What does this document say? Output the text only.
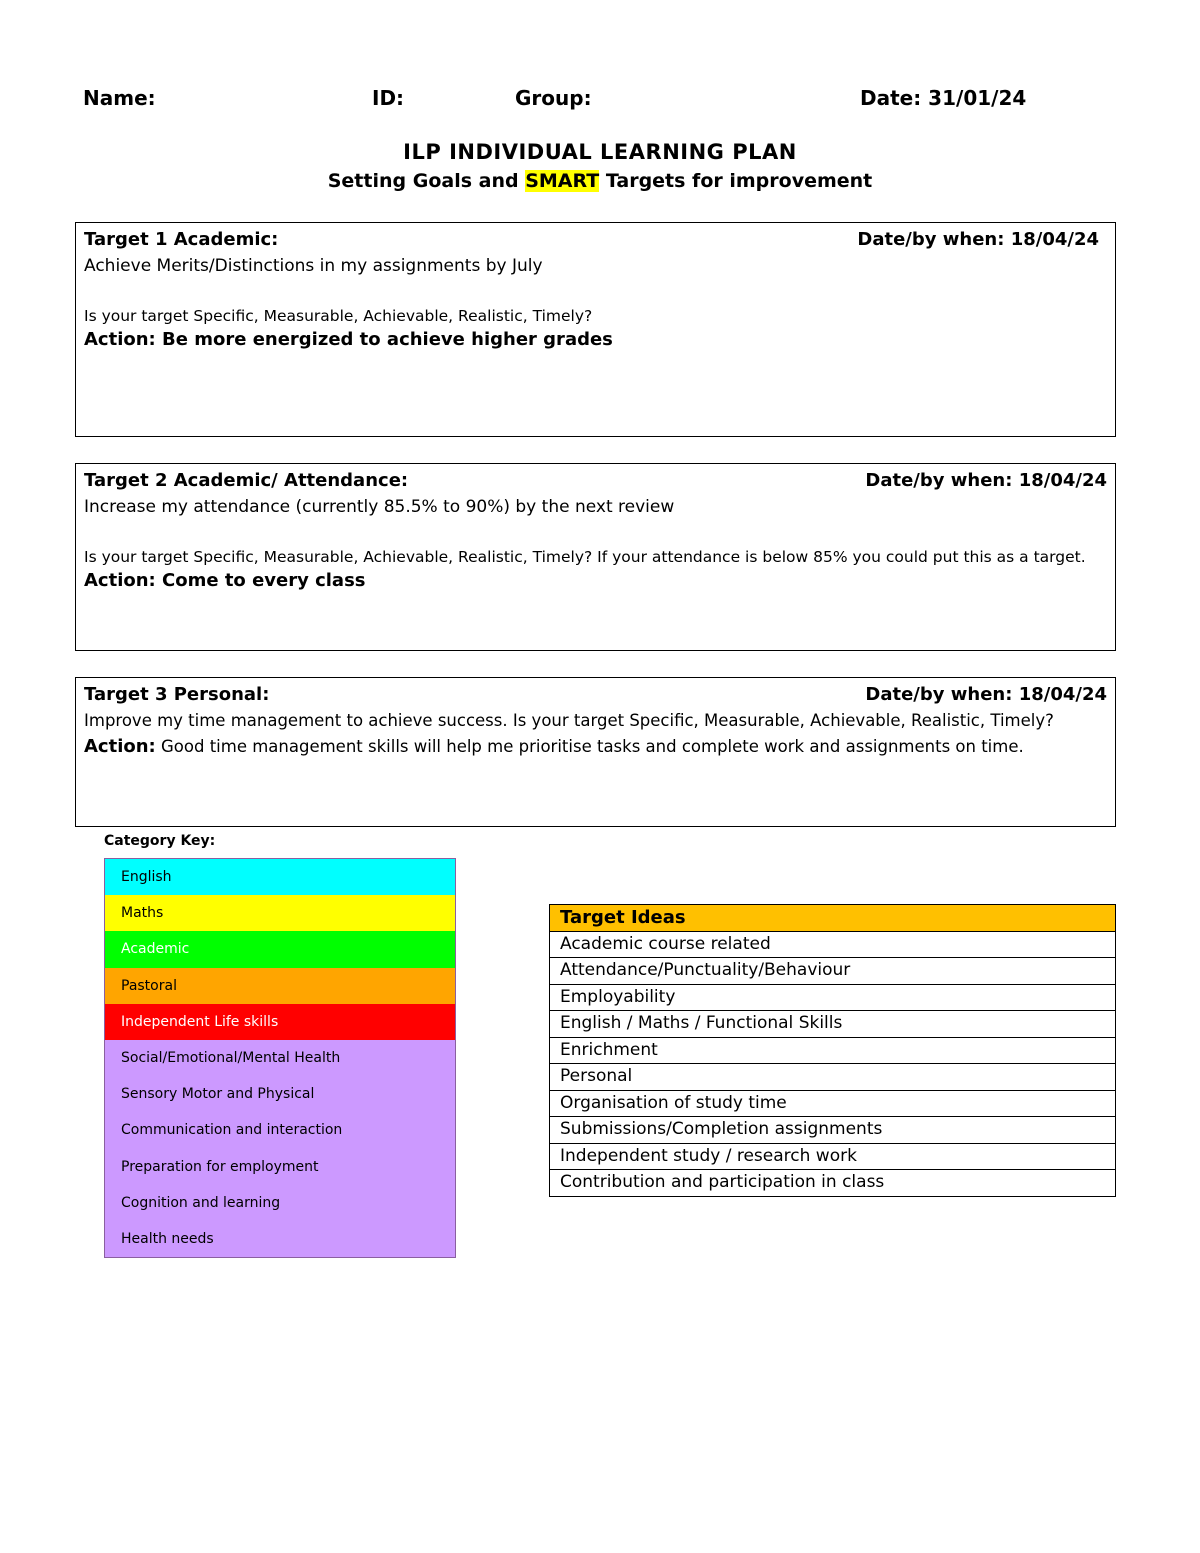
Name:	ID:	Group:	Date: 31/01/24
ILP INDIVIDUAL LEARNING PLAN
Setting Goals and SMART Targets for improvement
Target 1 Academic:	Date/by when: 18/04/24
Achieve Merits/Distinctions in my assignments by July
Is your target Specific, Measurable, Achievable, Realistic, Timely?
Action: Be more energized to achieve higher grades
Target 2 Academic/ Attendance:	Date/by when: 18/04/24
Increase my attendance (currently 85.5% to 90%) by the next review
Is your target Specific, Measurable, Achievable, Realistic, Timely? If your attendance is below 85% you could put this as a target.
Action: Come to every class
Target 3 Personal:	Date/by when: 18/04/24
Improve my time management to achieve success. Is your target Specific, Measurable, Achievable, Realistic, Timely?
Action: Good time management skills will help me prioritise tasks and complete work and assignments on time.
Category Key:
English
Maths
Academic
Pastoral
Independent Life skills
Social/Emotional/Mental Health
Sensory Motor and Physical
Communication and interaction
Preparation for employment
Cognition and learning
Health needs
Target Ideas
Academic course related
Attendance/Punctuality/Behaviour
Employability
English / Maths / Functional Skills
Enrichment
Personal
Organisation of study time
Submissions/Completion assignments
Independent study / research work
Contribution and participation in class
